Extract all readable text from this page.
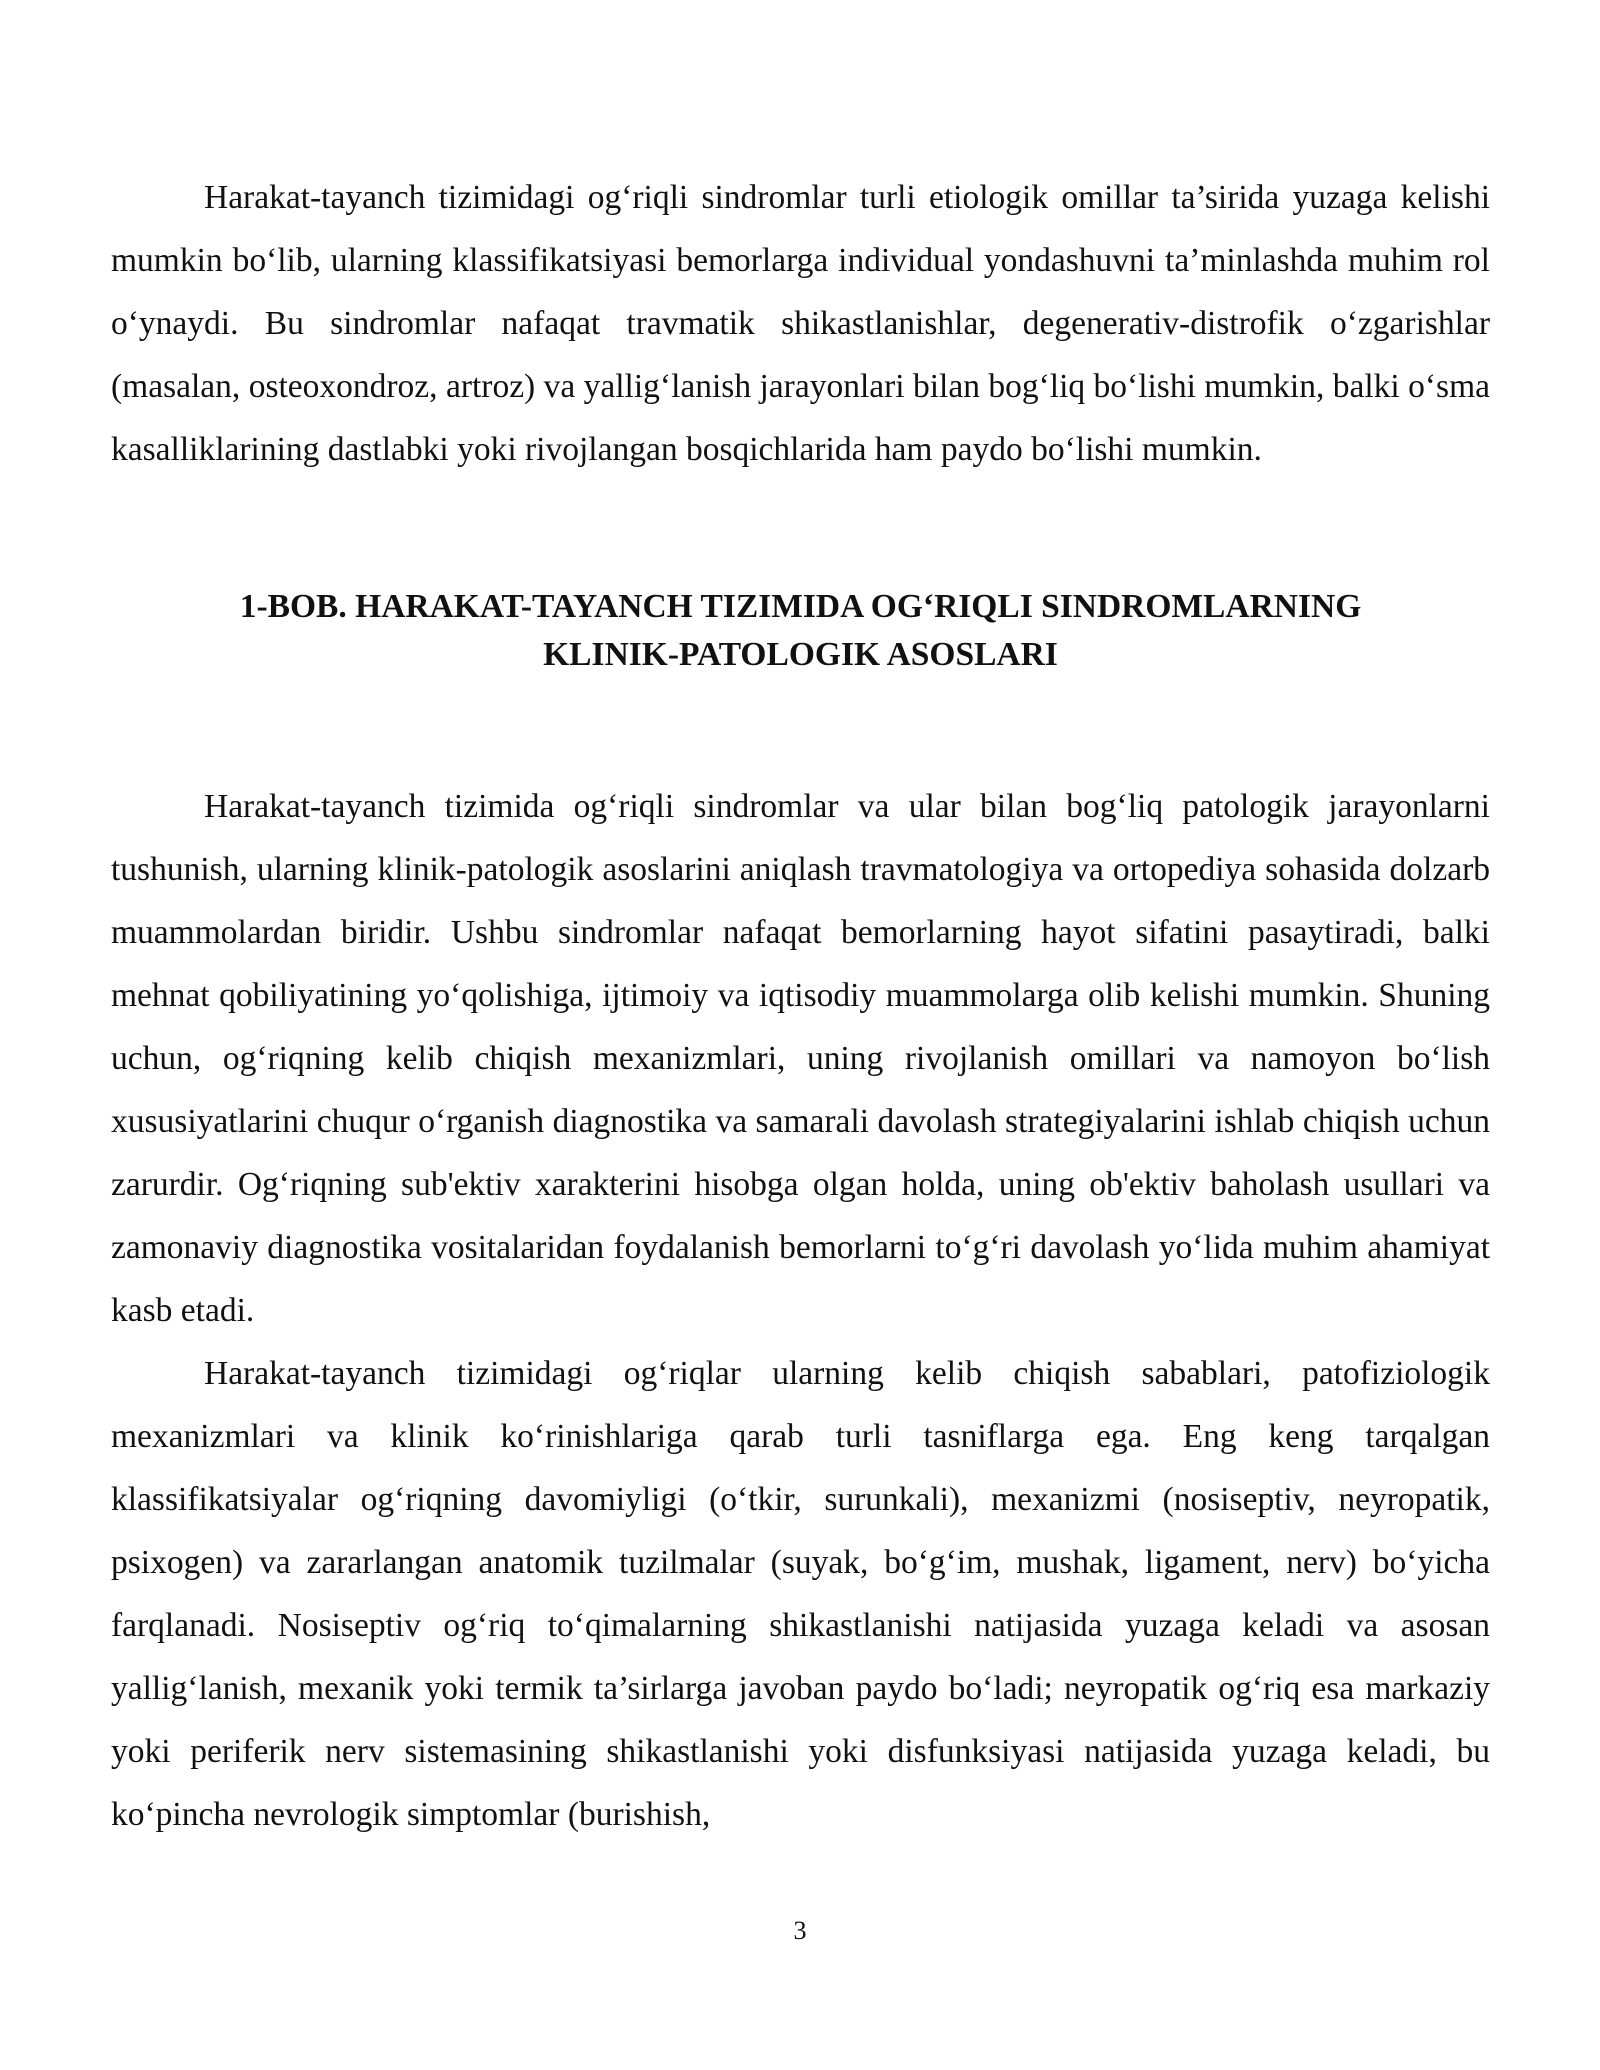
Harakat-tayanch tizimidagi og‘riqli sindromlar turli etiologik omillar ta’sirida yuzaga kelishi mumkin bo‘lib, ularning klassifikatsiyasi bemorlarga individual yondashuvni ta’minlashda muhim rol o‘ynaydi. Bu sindromlar nafaqat travmatik shikastlanishlar, degenerativ-distrofik o‘zgarishlar (masalan, osteoxondroz, artroz) va yallig‘lanish jarayonlari bilan bog‘liq bo‘lishi mumkin, balki o‘sma kasalliklarining dastlabki yoki rivojlangan bosqichlarida ham paydo bo‘lishi mumkin.

1-BOB. HARAKAT-TAYANCH TIZIMIDA OG‘RIQLI SINDROMLARNING
KLINIK-PATOLOGIK ASOSLARI

Harakat-tayanch tizimida og‘riqli sindromlar va ular bilan bog‘liq patologik jarayonlarni tushunish, ularning klinik-patologik asoslarini aniqlash travmatologiya va ortopediya sohasida dolzarb muammolardan biridir. Ushbu sindromlar nafaqat bemorlarning hayot sifatini pasaytiradi, balki mehnat qobiliyatining yo‘qolishiga, ijtimoiy va iqtisodiy muammolarga olib kelishi mumkin. Shuning uchun, og‘riqning kelib chiqish mexanizmlari, uning rivojlanish omillari va namoyon bo‘lish xususiyatlarini chuqur o‘rganish diagnostika va samarali davolash strategiyalarini ishlab chiqish uchun zarurdir. Og‘riqning sub'ektiv xarakterini hisobga olgan holda, uning ob'ektiv baholash usullari va zamonaviy diagnostika vositalaridan foydalanish bemorlarni to‘g‘ri davolash yo‘lida muhim ahamiyat kasb etadi.

Harakat-tayanch tizimidagi og‘riqlar ularning kelib chiqish sabablari, patofiziologik mexanizmlari va klinik ko‘rinishlariga qarab turli tasniflarga ega. Eng keng tarqalgan klassifikatsiyalar og‘riqning davomiyligi (o‘tkir, surunkali), mexanizmi (nosiseptiv, neyropatik, psixogen) va zararlangan anatomik tuzilmalar (suyak, bo‘g‘im, mushak, ligament, nerv) bo‘yicha farqlanadi. Nosiseptiv og‘riq to‘qimalarning shikastlanishi natijasida yuzaga keladi va asosan yallig‘lanish, mexanik yoki termik ta’sirlarga javoban paydo bo‘ladi; neyropatik og‘riq esa markaziy yoki periferik nerv sistemasining shikastlanishi yoki disfunksiyasi natijasida yuzaga keladi, bu ko‘pincha nevrologik simptomlar (burishish,

3
